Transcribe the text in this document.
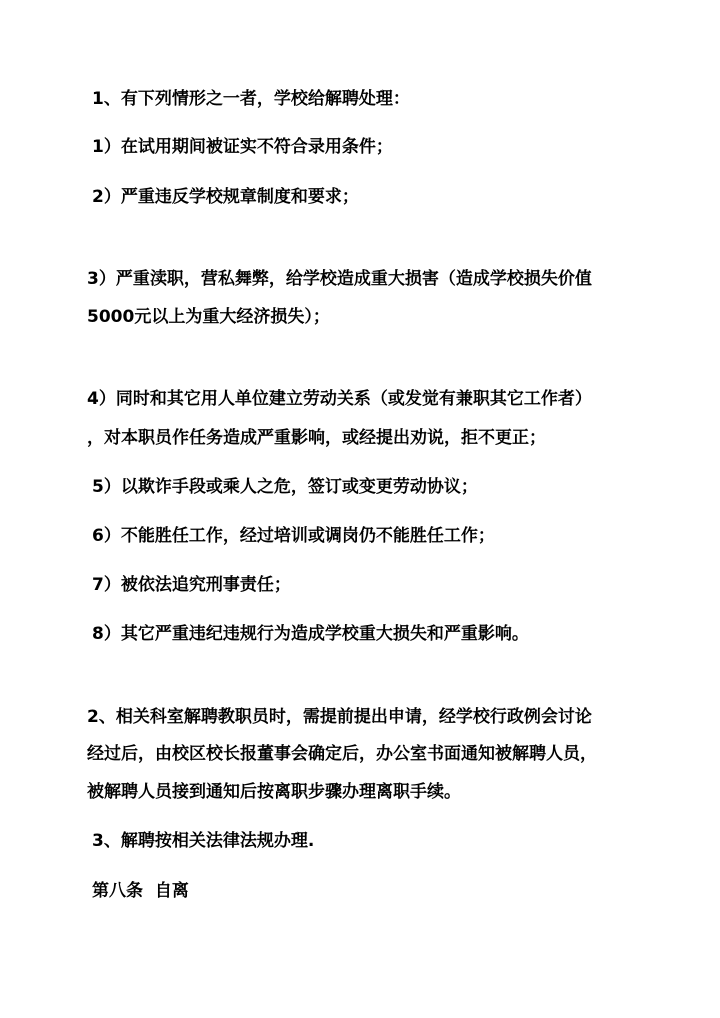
1、有下列情形之一者，学校给解聘处理：
1）在试用期间被证实不符合录用条件；
2）严重违反学校规章制度和要求；
3）严重渎职，营私舞弊，给学校造成重大损害（造成学校损失价值
5000元以上为重大经济损失）；
4）同时和其它用人单位建立劳动关系（或发觉有兼职其它工作者）
，对本职员作任务造成严重影响，或经提出劝说，拒不更正；
5）以欺诈手段或乘人之危，签订或变更劳动协议；
6）不能胜任工作，经过培训或调岗仍不能胜任工作；
7）被依法追究刑事责任；
8）其它严重违纪违规行为造成学校重大损失和严重影响。
2、相关科室解聘教职员时，需提前提出申请，经学校行政例会讨论
经过后，由校区校长报董事会确定后，办公室书面通知被解聘人员，
被解聘人员接到通知后按离职步骤办理离职手续。
3、解聘按相关法律法规办理.
第八条  自离
